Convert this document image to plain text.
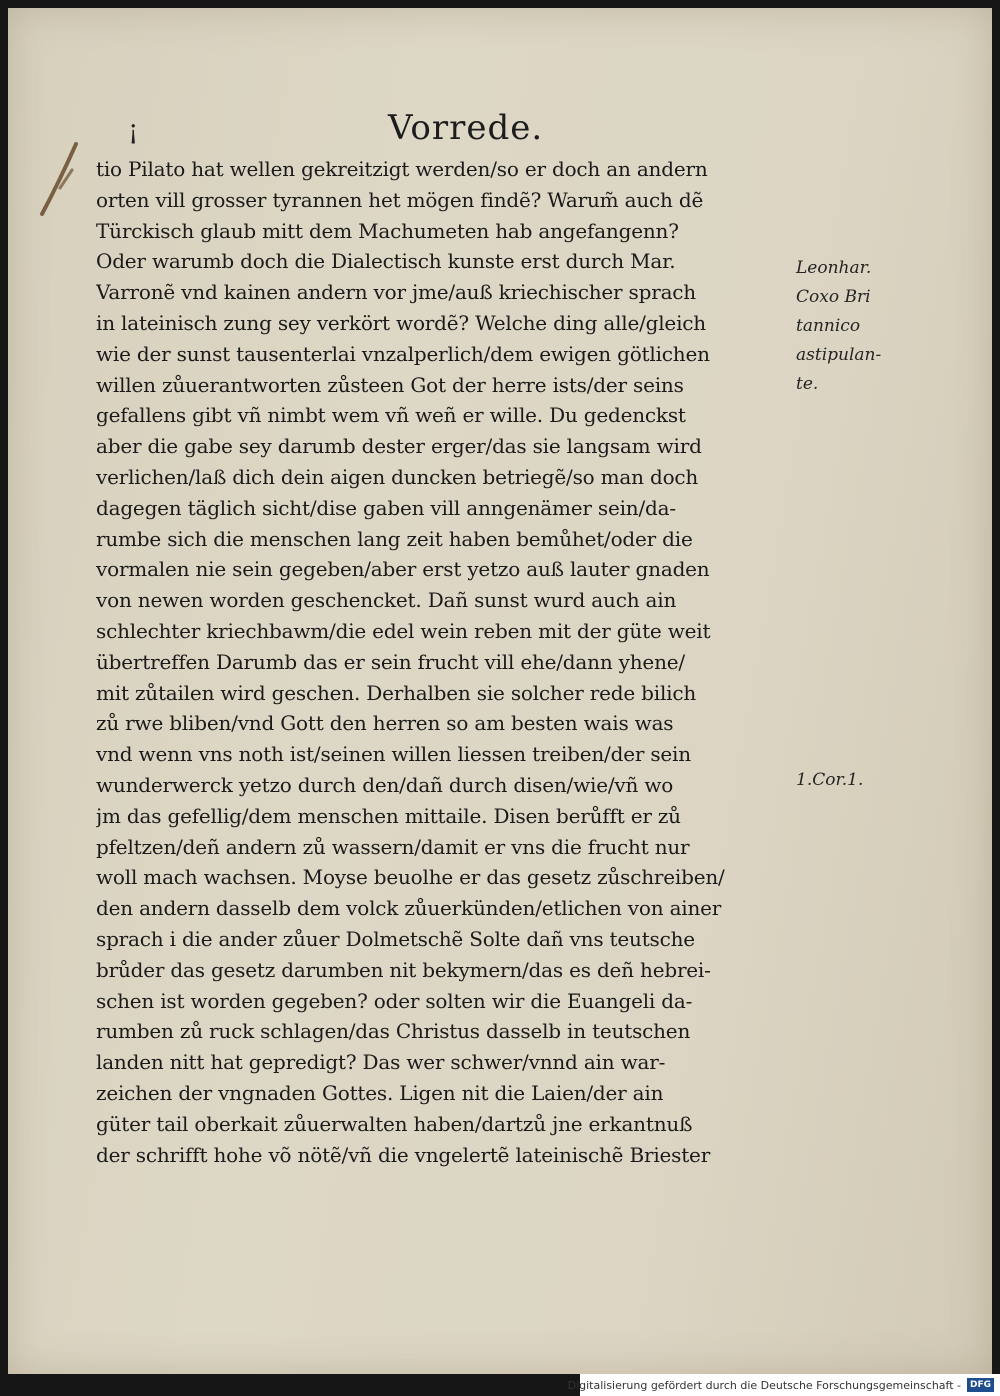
¡	Vorrede.
tio Pilato hat wellen gekreitzigt werden/so er doch an andern
orten vill grosser tyrannen het mögen findẽ? Warum̃ auch dẽ
Türckisch glaub mitt dem Machumeten hab angefangenn?
Oder warumb doch die Dialectisch kunste erst durch Mar.
Varronẽ vnd kainen andern vor jme/auß kriechischer sprach
in lateinisch zung sey verkört wordẽ? Welche ding alle/gleich
wie der sunst tausenterlai vnzalperlich/dem ewigen götlichen
willen zůuerantworten zůsteen Got der herre ists/der seins
gefallens gibt vñ nimbt wem vñ weñ er wille. Du gedenckst
aber die gabe sey darumb dester erger/das sie langsam wird
verlichen/laß dich dein aigen duncken betriegẽ/so man doch
dagegen täglich sicht/dise gaben vill anngenämer sein/da-
rumbe sich die menschen lang zeit haben bemůhet/oder die
vormalen nie sein gegeben/aber erst yetzo auß lauter gnaden
von newen worden geschencket. Dañ sunst wurd auch ain
schlechter kriechbawm/die edel wein reben mit der güte weit
übertreffen Darumb das er sein frucht vill ehe/dann yhene/
mit zůtailen wird geschen. Derhalben sie solcher rede bilich
zů rwe bliben/vnd Gott den herren so am besten wais was
vnd wenn vns noth ist/seinen willen liessen treiben/der sein
wunderwerck yetzo durch den/dañ durch disen/wie/vñ wo
jm das gefellig/dem menschen mittaile. Disen berůfft er zů
pfeltzen/deñ andern zů wassern/damit er vns die frucht nur
woll mach wachsen. Moyse beuolhe er das gesetz zůschreiben/
den andern dasselb dem volck zůuerkünden/etlichen von ainer
sprach i die ander zůuer Dolmetschẽ Solte dañ vns teutsche
brůder das gesetz darumben nit bekymern/das es deñ hebrei-
schen ist worden gegeben? oder solten wir die Euangeli da-
rumben zů ruck schlagen/das Christus dasselb in teutschen
landen nitt hat gepredigt? Das wer schwer/vnnd ain war-
zeichen der vngnaden Gottes. Ligen nit die Laien/der ain
güter tail oberkait zůuerwalten haben/dartzů jne erkantnuß
der schrifft hohe võ nötẽ/vñ die vngelertẽ lateinischẽ Briester
Leonhar.
Coxo Bri
tannico
astipulan-
te.
1.Cor.1.
Digitalisierung gefördert durch die Deutsche Forschungsgemeinschaft -	DFG
